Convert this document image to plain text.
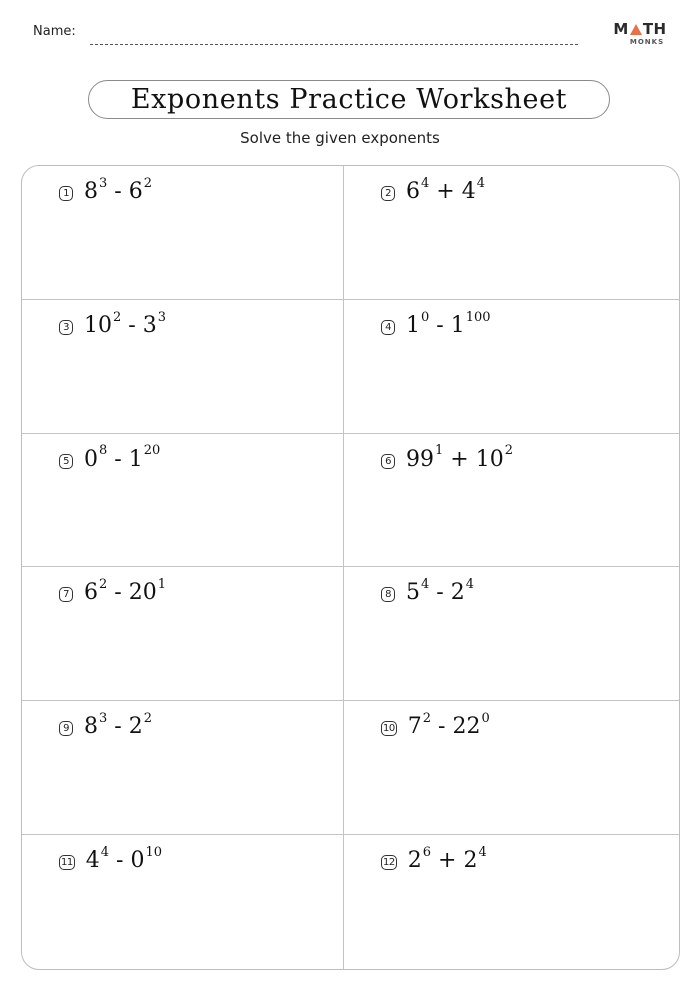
Name:	M TH
MONKS
Exponents Practice Worksheet
Solve the given exponents
1 $8^3 - 6^2$
2 $6^4 + 4^4$
3 $10^2 - 3^3$
4 $1^0 - 1^{100}$
5 $0^8 - 1^{20}$
6 $99^1 + 10^2$
7 $6^2 - 20^1$
8 $5^4 - 2^4$
9 $8^3 - 2^2$
10 $7^2 - 22^0$
11 $4^4 - 0^{10}$
12 $2^6 + 2^4$
